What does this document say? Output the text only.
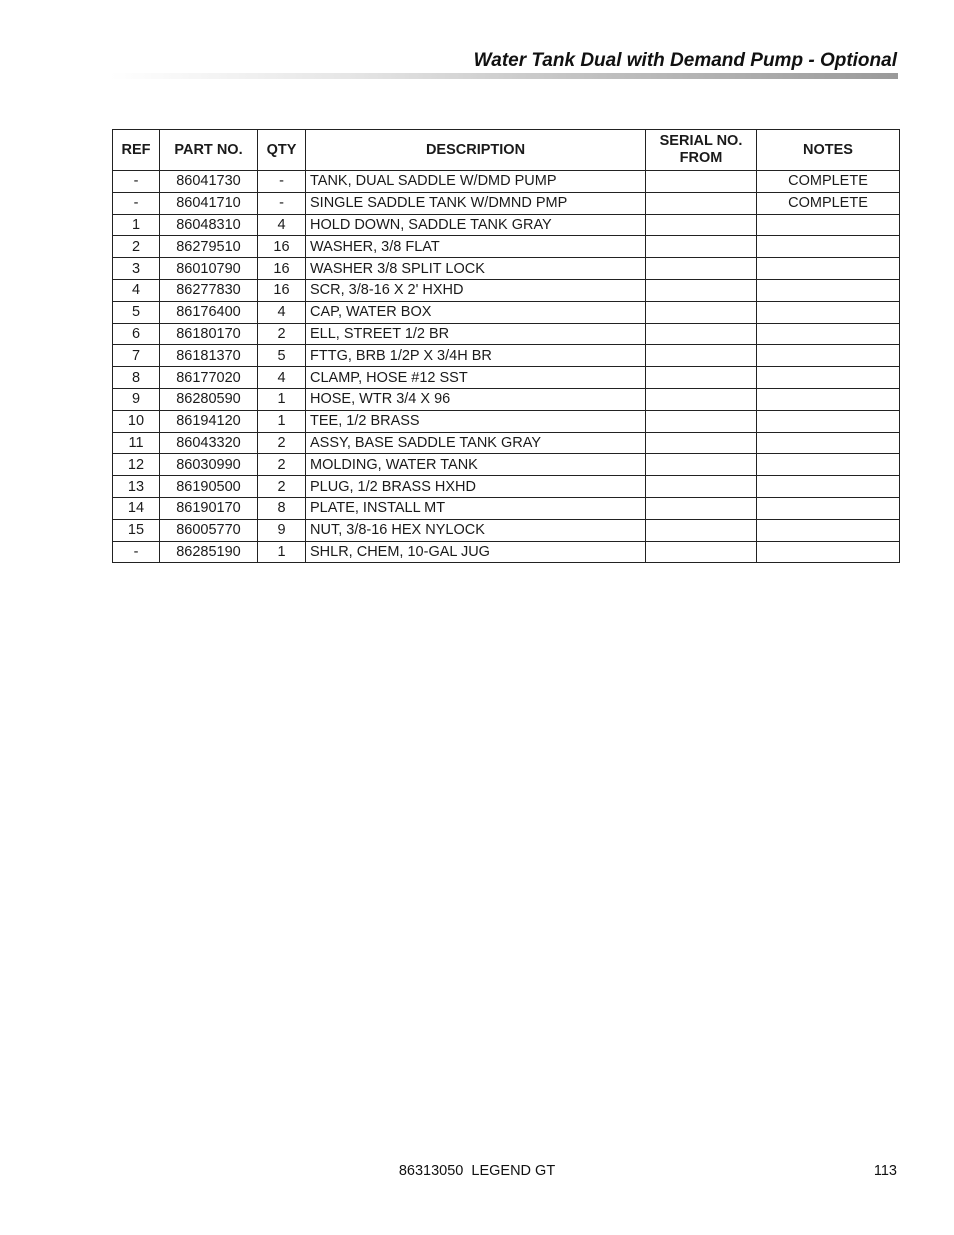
Water Tank Dual with Demand Pump - Optional
REF	PART NO.	QTY	DESCRIPTION	SERIAL NO. FROM	NOTES
-	86041730	-	TANK, DUAL SADDLE W/DMD PUMP		COMPLETE
-	86041710	-	SINGLE SADDLE TANK W/DMND PMP		COMPLETE
1	86048310	4	HOLD DOWN, SADDLE TANK GRAY		
2	86279510	16	WASHER, 3/8 FLAT		
3	86010790	16	WASHER 3/8 SPLIT LOCK		
4	86277830	16	SCR, 3/8-16 X 2' HXHD		
5	86176400	4	CAP, WATER BOX		
6	86180170	2	ELL, STREET 1/2 BR		
7	86181370	5	FTTG, BRB 1/2P X 3/4H BR		
8	86177020	4	CLAMP, HOSE #12 SST		
9	86280590	1	HOSE, WTR 3/4 X 96		
10	86194120	1	TEE, 1/2 BRASS		
11	86043320	2	ASSY, BASE SADDLE TANK GRAY		
12	86030990	2	MOLDING, WATER TANK		
13	86190500	2	PLUG, 1/2 BRASS HXHD		
14	86190170	8	PLATE, INSTALL MT		
15	86005770	9	NUT, 3/8-16 HEX NYLOCK		
-	86285190	1	SHLR, CHEM, 10-GAL JUG		
86313050  LEGEND GT	113
